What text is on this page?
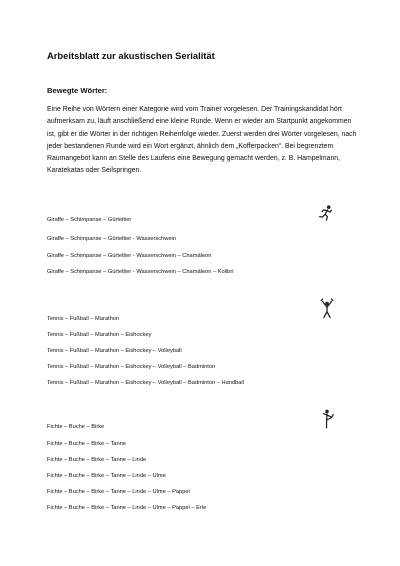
Arbeitsblatt zur akustischen Serialität
Bewegte Wörter:

Eine Reihe von Wörtern einer Kategorie wird vom Trainer vorgelesen. Der Trainingskandidat hört aufmerksam zu, läuft anschließend eine kleine Runde. Wenn er wieder am Startpunkt angekommen ist, gibt er die Wörter in der richtigen Reihenfolge wieder. Zuerst werden drei Wörter vorgelesen, nach jeder bestandenen Runde wird ein Wort ergänzt, ähnlich dem „Kofferpacken“. Bei begrenztem Raumangebot kann an Stelle des Laufens eine Bewegung gemacht werden, z. B. Hampelmann, Karatekatas oder Seilspringen.

Giraffe – Schimpanse – Gürteltier
Giraffe – Schimpanse – Gürteltier - Wasserschwein
Giraffe – Schimpanse – Gürteltier - Wasserschwein – Chamäleon
Giraffe – Schimpanse – Gürteltier - Wasserschwein – Chamäleon – Kolibri
Tennis – Fußball – Marathon
Tennis – Fußball – Marathon – Eishockey
Tennis – Fußball – Marathon – Eishockey – Volleyball
Tennis – Fußball – Marathon – Eishockey – Volleyball – Badminton
Tennis – Fußball – Marathon – Eishockey – Volleyball – Badminton – Handball
Fichte – Buche – Birke
Fichte – Buche – Birke – Tanne
Fichte – Buche – Birke – Tanne – Linde
Fichte – Buche – Birke – Tanne – Linde – Ulme
Fichte – Buche – Birke – Tanne – Linde – Ulme – Pappel
Fichte – Buche – Birke – Tanne – Linde – Ulme – Pappel – Erle
